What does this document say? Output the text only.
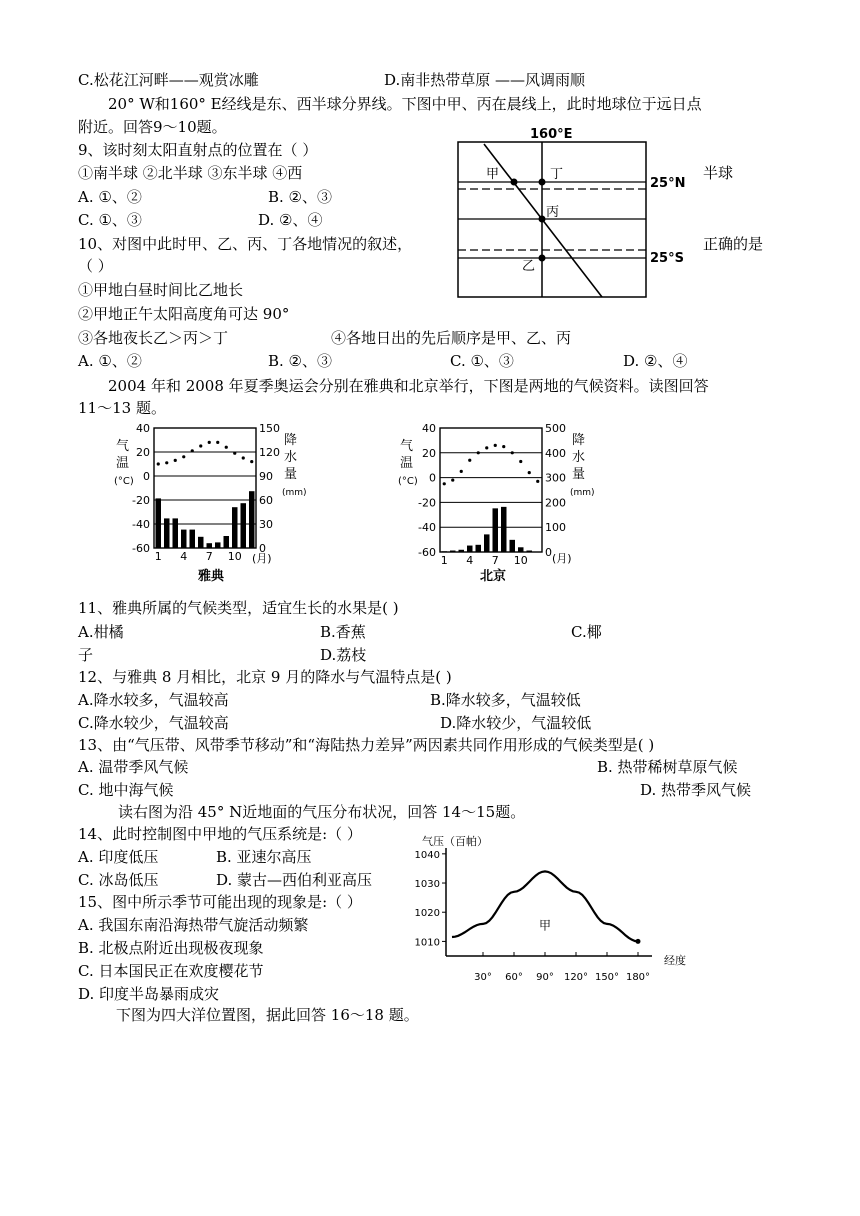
C.松花江河畔——观赏冰雕	D.南非热带草原 ——风调雨顺
20° W和160° E经线是东、西半球分界线。下图中甲、丙在晨线上，此时地球位于远日点
附近。回答9～10题。
9、该时刻太阳直射点的位置在（ ）
①南半球 ②北半球 ③东半球 ④西	半球
A. ①、②	B. ②、③
C. ①、③	D. ②、④
10、对图中此时甲、乙、丙、丁各地情况的叙述，	正确的是
（ ）
①甲地白昼时间比乙地长
②甲地正午太阳高度角可达 90°
③各地夜长乙＞丙＞丁	④各地日出的先后顺序是甲、乙、丙
A. ①、②	B. ②、③	C. ①、③	D. ②、④
2004 年和 2008 年夏季奥运会分别在雅典和北京举行，下图是两地的气候资料。读图回答
11～13 题。
160°E
甲	丁
丙
乙
25°N
25°S
气
温
(°C)
降
水
量
(mm)
(月)
雅典
40
20
0
-20
-40
-60
150
120
90
60
30
0
1 4 7 10
气
温
(°C)
降
水
量
(mm)
(月)
北京
40
20
0
-20
-40
-60
500
400
300
200
100
0
1 4 7 10
11、雅典所属的气候类型，适宜生长的水果是( )
A.柑橘	B.香蕉	C.椰
子	D.荔枝
12、与雅典 8 月相比，北京 9 月的降水与气温特点是( )
A.降水较多，气温较高	B.降水较多，气温较低
C.降水较少，气温较高	D.降水较少，气温较低
13、由“气压带、风带季节移动”和“海陆热力差异”两因素共同作用形成的气候类型是( )
A. 温带季风气候	B. 热带稀树草原气候
C. 地中海气候	D. 热带季风气候
读右图为沿 45° N近地面的气压分布状况，回答 14～15题。
14、此时控制图中甲地的气压系统是:（ ）
A. 印度低压	B. 亚速尔高压
C. 冰岛低压	D. 蒙古—西伯利亚高压
15、图中所示季节可能出现的现象是:（ ）
A. 我国东南沿海热带气旋活动频繁
B. 北极点附近出现极夜现象
C. 日本国民正在欢度樱花节
D. 印度半岛暴雨成灾
下图为四大洋位置图，据此回答 16～18 题。
气压（百帕）
经度
1040
1030
1020
1010
30° 60° 90° 120° 150° 180°
甲
